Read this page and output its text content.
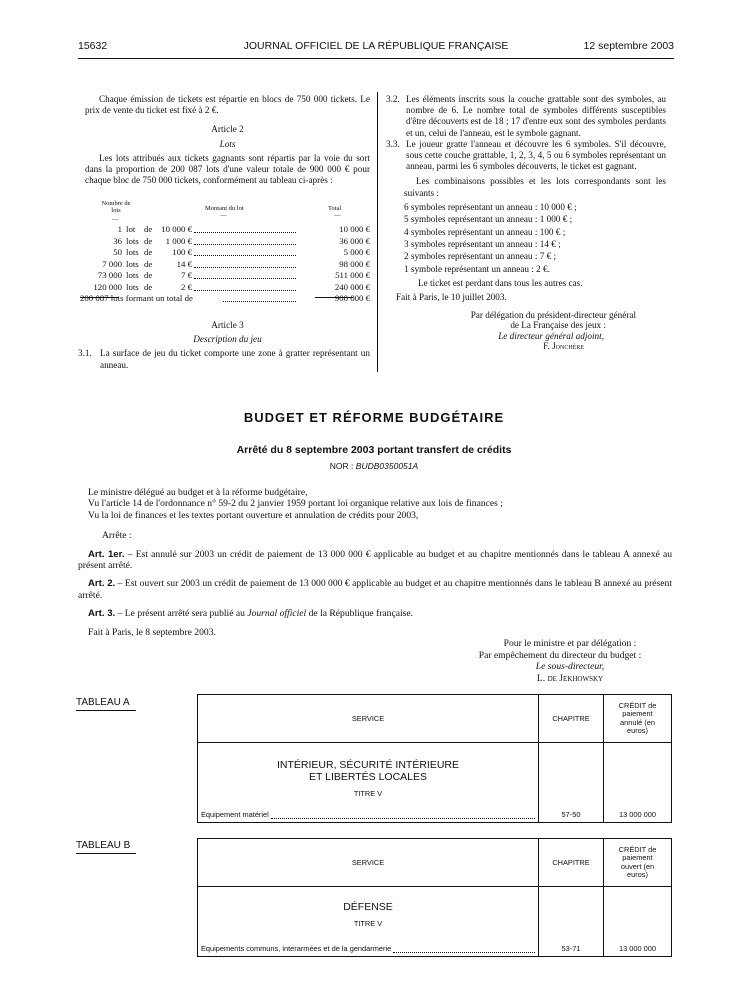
15632	JOURNAL OFFICIEL DE LA RÉPUBLIQUE FRANÇAISE	12 septembre 2003

Chaque émission de tickets est répartie en blocs de 750 000 tickets. Le prix de vente du ticket est fixé à 2 €.

Article 2

Lots

Les lots attribués aux tickets gagnants sont répartis par la voie du sort dans la proportion de 200 087 lots d'une valeur totale de 900 000 € pour chaque bloc de 750 000 tickets, conformément au tableau ci-après :

Nombre de lots	Montant du lot	Total
—
—	—
1 lot de 10 000 €	10 000 €
36 lots de 1 000 €	36 000 €
50 lots de 100 €	5 000 €
7 000 lots de	14 €	98 000 €
73 000 lots de	7 €	511 000 €
120 000 lots de	2 €	240 000 €
200 087 lots formant un total de	900 000 €

Article 3

Description du jeu

3.1. La surface de jeu du ticket comporte une zone à gratter représentant un anneau.

3.2. Les éléments inscrits sous la couche grattable sont des symboles, au nombre de 6. Le nombre total de symboles différents susceptibles d'être découverts est de 18 ; 17 d'entre eux sont des symboles perdants et un, celui de l'anneau, est le symbole gagnant.

3.3. Le joueur gratte l'anneau et découvre les 6 symboles. S'il découvre, sous cette couche grattable, 1, 2, 3, 4, 5 ou 6 symboles représentant un anneau, parmi les 6 symboles découverts, le ticket est gagnant.

Les combinaisons possibles et les lots correspondants sont les suivants :

6 symboles représentant un anneau : 10 000 € ;
5 symboles représentant un anneau : 1 000 € ;
4 symboles représentant un anneau : 100 € ;
3 symboles représentant un anneau : 14 € ;
2 symboles représentant un anneau : 7 € ;
1 symbole représentant un anneau : 2 €.

Le ticket est perdant dans tous les autres cas.

Fait à Paris, le 10 juillet 2003.

Par délégation du président-directeur général
de La Française des jeux :
Le directeur général adjoint,
F. Jonchère
BUDGET ET RÉFORME BUDGÉTAIRE
Arrêté du 8 septembre 2003 portant transfert de crédits
NOR : BUDB0350051A

Le ministre délégué au budget et à la réforme budgétaire,

Vu l'article 14 de l'ordonnance n° 59-2 du 2 janvier 1959 portant loi organique relative aux lois de finances ;

Vu la loi de finances et les textes portant ouverture et annulation de crédits pour 2003,

Arrête :

Art. 1er. – Est annulé sur 2003 un crédit de paiement de 13 000 000 € applicable au budget et au chapitre mentionnés dans le tableau A annexé au présent arrêté.

Art. 2. – Est ouvert sur 2003 un crédit de paiement de 13 000 000 € applicable au budget et au chapitre mentionnés dans le tableau B annexé au présent arrêté.

Art. 3. – Le présent arrêté sera publié au Journal officiel de la République française.

Fait à Paris, le 8 septembre 2003.

Pour le ministre et par délégation :
Par empêchement du directeur du budget :
Le sous-directeur,
L. de Jekhowsky
TABLEAU A
SERVICE	CHAPITRE	CRÉDIT de paiement annulé (en euros)

INTÉRIEUR, SÉCURITÉ INTÉRIEURE
ET LIBERTÉS LOCALES
TITRE V
Equipement matériel	57-50	13 000 000
TABLEAU B
SERVICE	CHAPITRE	CRÉDIT de paiement ouvert (en euros)

DÉFENSE
TITRE V
Equipements communs, interarmées et de la gendarmerie	53-71	13 000 000
